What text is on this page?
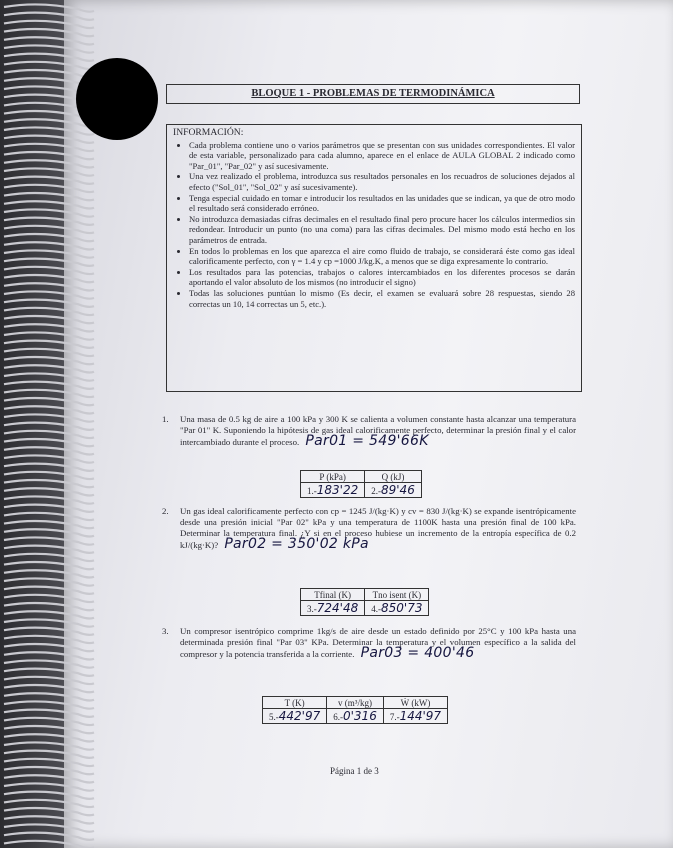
BLOQUE 1 - PROBLEMAS DE TERMODINÁMICA
INFORMACIÓN:
• Cada problema contiene uno o varios parámetros que se presentan con sus unidades correspondientes. El valor de esta variable, personalizado para cada alumno, aparece en el enlace de AULA GLOBAL 2 indicado como "Par_01", "Par_02" y así sucesivamente.
• Una vez realizado el problema, introduzca sus resultados personales en los recuadros de soluciones dejados al efecto ("Sol_01", "Sol_02" y así sucesivamente).
• Tenga especial cuidado en tomar e introducir los resultados en las unidades que se indican, ya que de otro modo el resultado será considerado erróneo.
• No introduzca demasiadas cifras decimales en el resultado final pero procure hacer los cálculos intermedios sin redondear. Introducir un punto (no una coma) para las cifras decimales. Del mismo modo está hecho en los parámetros de entrada.
• En todos lo problemas en los que aparezca el aire como fluido de trabajo, se considerará éste como gas ideal calorificamente perfecto, con γ = 1.4 y cp =1000 J/kg.K, a menos que se diga expresamente lo contrario.
• Los resultados para las potencias, trabajos o calores intercambiados en los diferentes procesos se darán aportando el valor absoluto de los mismos (no introducir el signo)
• Todas las soluciones puntúan lo mismo (Es decir, el examen se evaluará sobre 28 respuestas, siendo 28 correctas un 10, 14 correctas un 5, etc.).
1. Una masa de 0.5 kg de aire a 100 kPa y 300 K se calienta a volumen constante hasta alcanzar una temperatura "Par 01" K. Suponiendo la hipótesis de gas ideal calorificamente perfecto, determinar la presión final y el calor intercambiado durante el proceso. Par01 = 549'66K
P (kPa)	Q (kJ)
1.-183'22	2.-89'46
2. Un gas ideal calorificamente perfecto con cp = 1245 J/(kg·K) y cv = 830 J/(kg·K) se expande isentrópicamente desde una presión inicial "Par 02" kPa y una temperatura de 1100K hasta una presión final de 100 kPa. Determinar la temperatura final. ¿Y si en el proceso hubiese un incremento de la entropía específica de 0.2 kJ/(kg·K)? Par02 = 350'02 kPa
Tfinal (K)	Tno isent (K)
3.-724'48	4.-850'73
3. Un compresor isentrópico comprime 1kg/s de aire desde un estado definido por 25°C y 100 kPa hasta una determinada presión final "Par 03" KPa. Determinar la temperatura y el volumen específico a la salida del compresor y la potencia transferida a la corriente. Par03 = 400'46
T (K)	v (m³/kg)	Ẇ (kW)
5.-442'97	6.-0'316	7.-144'97
Página 1 de 3
